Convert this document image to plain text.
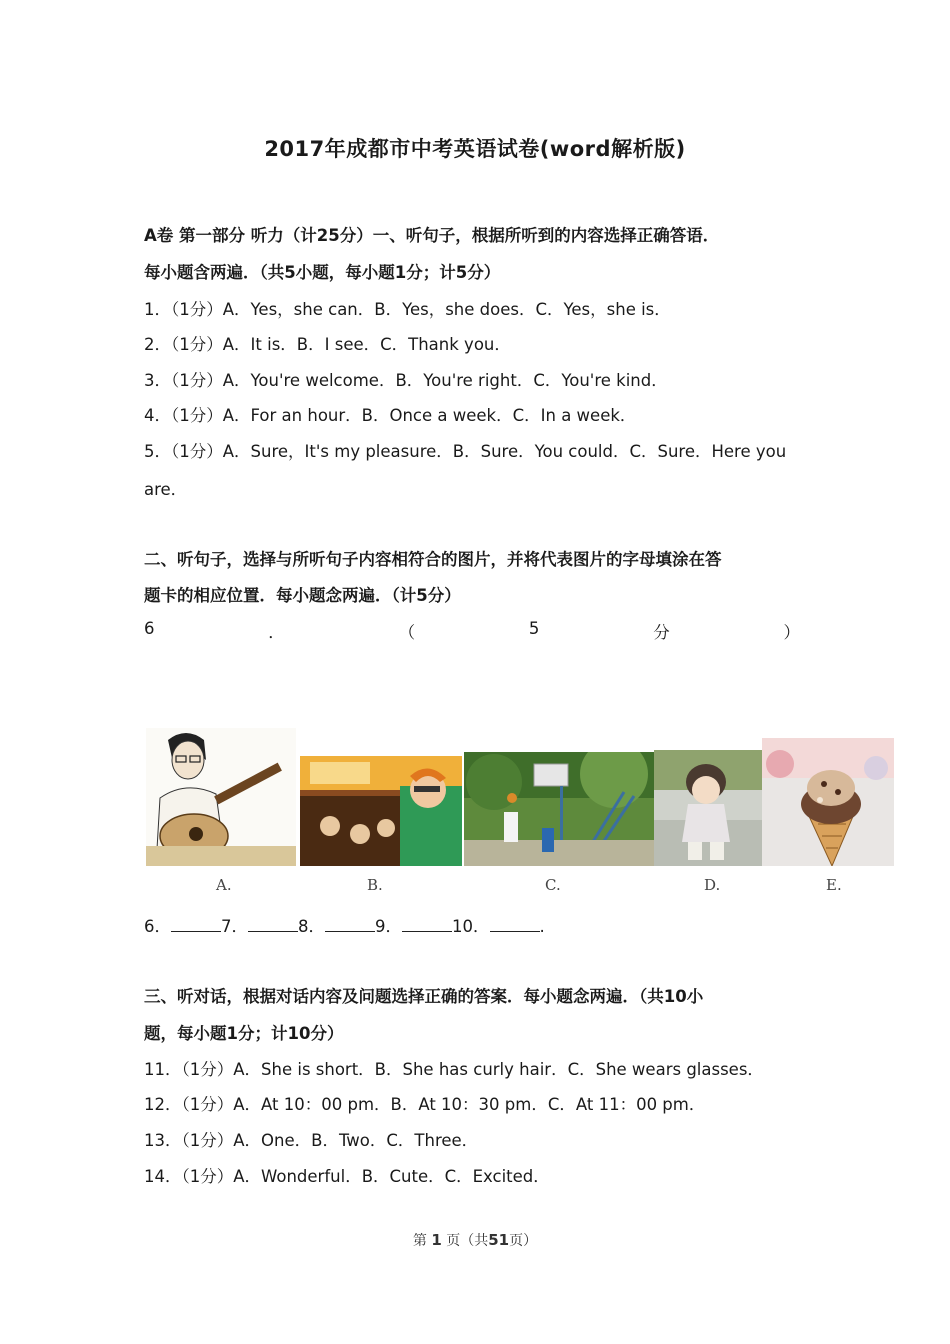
2017年成都市中考英语试卷(word解析版)
A卷 第一部分 听力（计25分）一、听句子，根据所听到的内容选择正确答语．
每小题含两遍．（共5小题，每小题1分；计5分）
1．（1分）A．Yes，she can．B．Yes，she does．C．Yes，she is．
2．（1分）A．It is．B．I see．C．Thank you．
3．（1分）A．You're welcome．B．You're right．C．You're kind．
4．（1分）A．For an hour．B．Once a week．C．In a week．
5．（1分）A．Sure，It's my pleasure．B．Sure．You could．C．Sure．Here you
are．
二、听句子，选择与所听句子内容相符合的图片，并将代表图片的字母填涂在答
题卡的相应位置．每小题念两遍．（计5分）
6	．	（	5	分	）
A.	B.	C.	D.	E.
6．	7．	8．	9．	10．	.
三、听对话，根据对话内容及问题选择正确的答案．每小题念两遍．（共10小
题，每小题1分；计10分）
11．（1分）A．She is short．B．She has curly hair．C．She wears glasses．
12．（1分）A．At 10：00 pm．B．At 10：30 pm．C．At 11：00 pm．
13．（1分）A．One．B．Two．C．Three．
14．（1分）A．Wonderful．B．Cute．C．Excited．
第 1 页（共51页）
